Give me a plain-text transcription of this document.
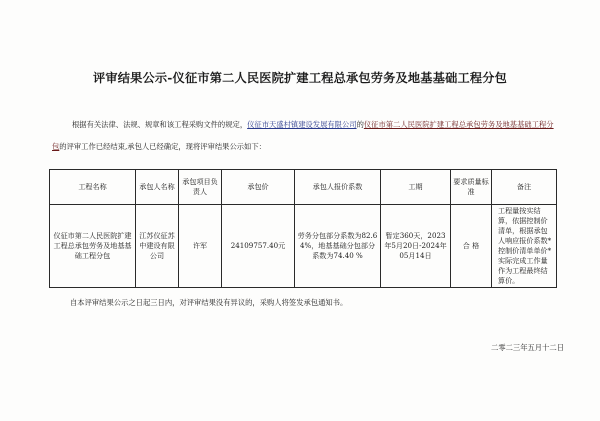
评审结果公示-仪征市第二人民医院扩建工程总承包劳务及地基基础工程分包

根据有关法律、法规、规章和该工程采购文件的规定，仪征市天盛村镇建设发展有限公司的仪征市第二人民医院扩建工程总承包劳务及地基基础工程分包的评审工作已经结束,承包人已经确定，现将评审结果公示如下：

工程名称	承包人名称	承包项目负责人	承包价	承包人报价系数	工期	要求质量标准	备注
仪征市第二人民医院扩建工程总承包劳务及地基基础工程分包	江苏仪征苏中建设有限公司	许军	24109757.40元	劳务分包部分系数为82.64%，地基基础分包部分系数为74.40 %	暂定360天，2023年5月20日-2024年05月14日	合 格	工程量按实结算，依据控制价清单，根据承包人响应报价系数*控制价清单单价*实际完成工作量作为工程最终结算价。
自本评审结果公示之日起三日内，对评审结果没有异议的，采购人将签发承包通知书。
二零二三年五月十二日
